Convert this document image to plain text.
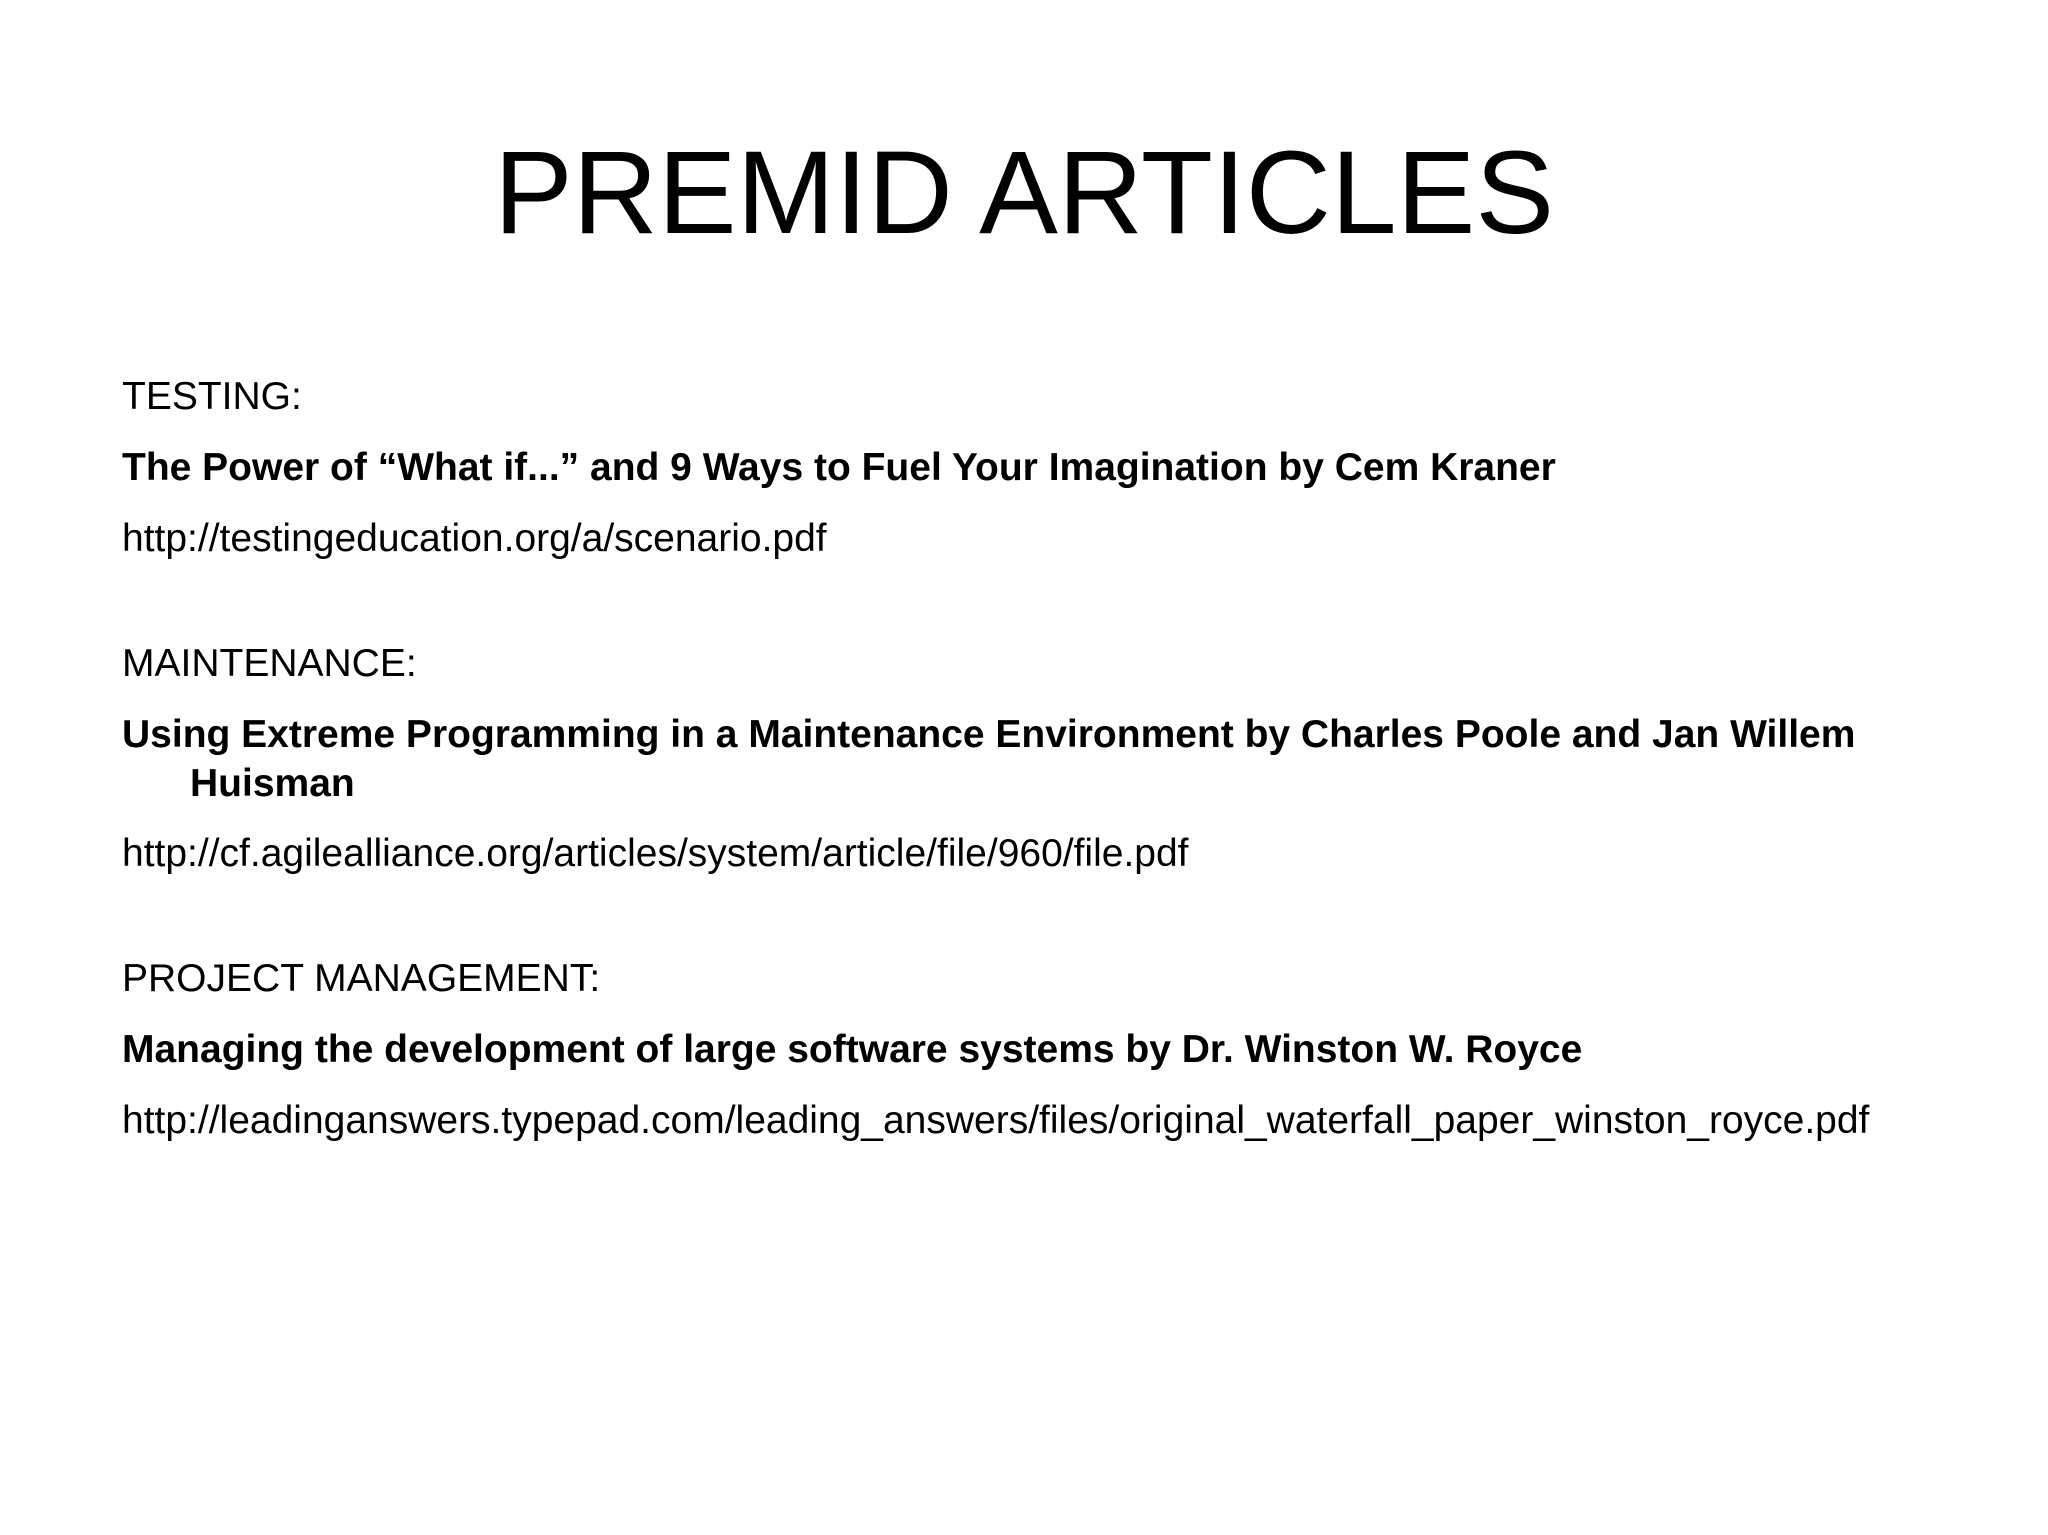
PREMID ARTICLES

TESTING:

The Power of “What if...” and 9 Ways to Fuel Your Imagination by Cem Kraner

http://testingeducation.org/a/scenario.pdf

MAINTENANCE:

Using Extreme Programming in a Maintenance Environment by Charles Poole and Jan Willem Huisman

http://cf.agilealliance.org/articles/system/article/file/960/file.pdf

PROJECT MANAGEMENT:

Managing the development of large software systems by Dr. Winston W. Royce

http://leadinganswers.typepad.com/leading_answers/files/original_waterfall_paper_winston_royce.pdf
